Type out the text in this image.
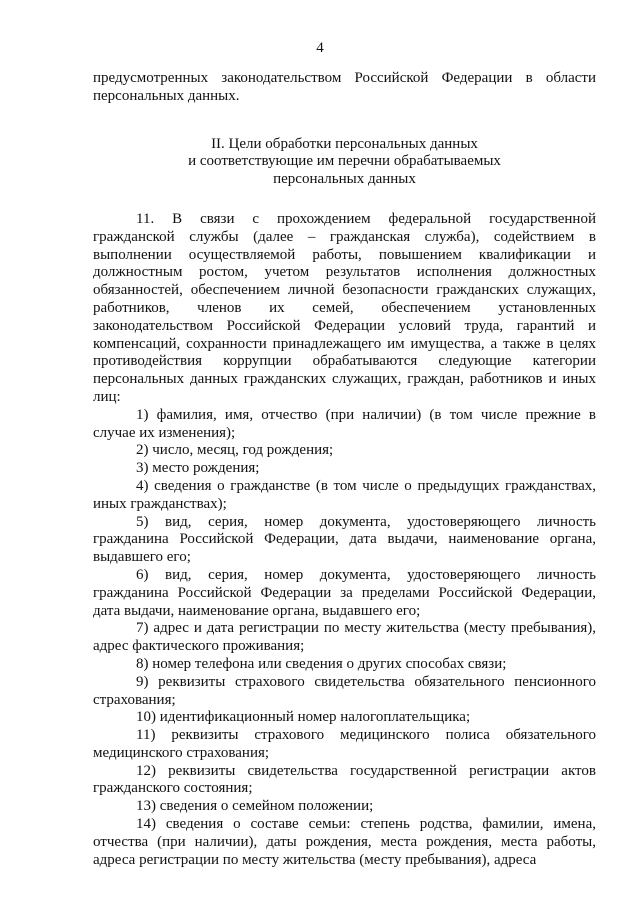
4

предусмотренных законодательством Российской Федерации в области персональных данных.

II. Цели обработки персональных данных
и соответствующие им перечни обрабатываемых
персональных данных

11. В связи с прохождением федеральной государственной гражданской службы (далее – гражданская служба), содействием в выполнении осуществляемой работы, повышением квалификации и должностным ростом, учетом результатов исполнения должностных обязанностей, обеспечением личной безопасности гражданских служащих, работников, членов их семей, обеспечением установленных законодательством Российской Федерации условий труда, гарантий и компенсаций, сохранности принадлежащего им имущества, а также в целях противодействия коррупции обрабатываются следующие категории персональных данных гражданских служащих, граждан, работников и иных лиц:

1) фамилия, имя, отчество (при наличии) (в том числе прежние в случае их изменения);

2) число, месяц, год рождения;

3) место рождения;

4) сведения о гражданстве (в том числе о предыдущих гражданствах, иных гражданствах);

5) вид, серия, номер документа, удостоверяющего личность гражданина Российской Федерации, дата выдачи, наименование органа, выдавшего его;

6) вид, серия, номер документа, удостоверяющего личность гражданина Российской Федерации за пределами Российской Федерации, дата выдачи, наименование органа, выдавшего его;

7) адрес и дата регистрации по месту жительства (месту пребывания), адрес фактического проживания;

8) номер телефона или сведения о других способах связи;

9) реквизиты страхового свидетельства обязательного пенсионного страхования;

10) идентификационный номер налогоплательщика;

11) реквизиты страхового медицинского полиса обязательного медицинского страхования;

12) реквизиты свидетельства государственной регистрации актов гражданского состояния;

13) сведения о семейном положении;

14) сведения о составе семьи: степень родства, фамилии, имена, отчества (при наличии), даты рождения, места рождения, места работы, адреса регистрации по месту жительства (месту пребывания), адреса
